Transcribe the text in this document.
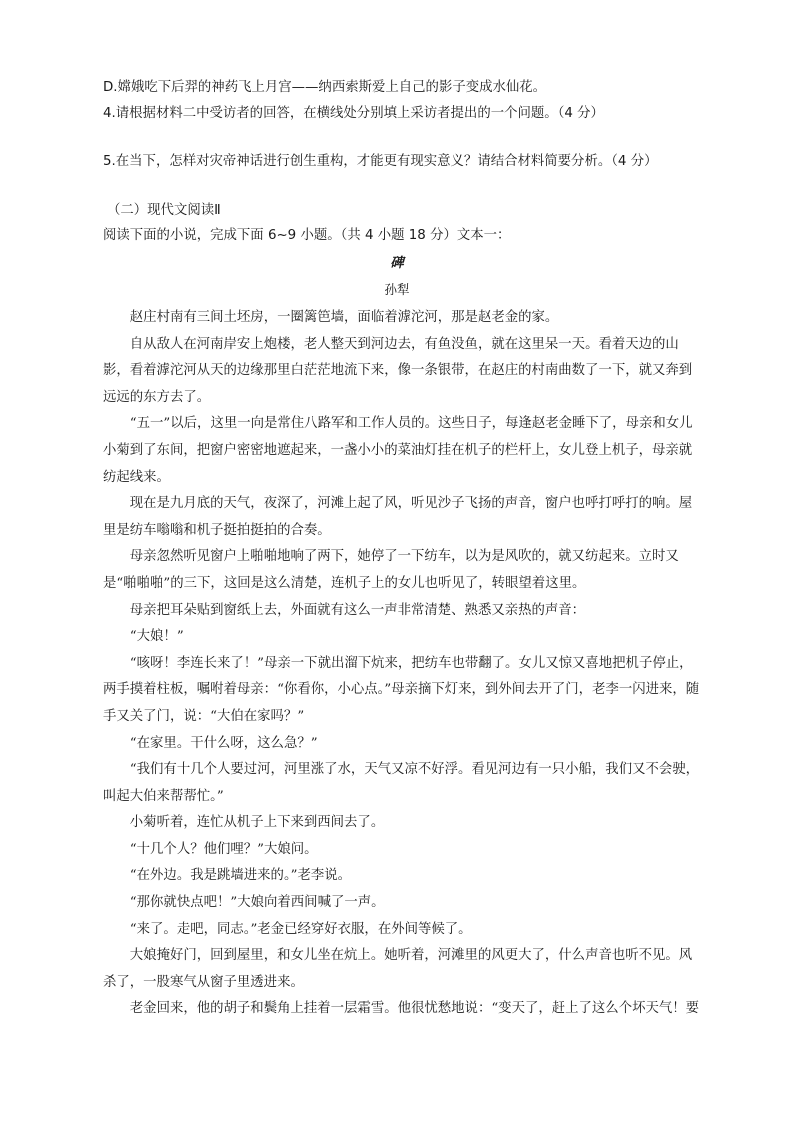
D.嫦娥吃下后羿的神药飞上月宫——纳西索斯爱上自己的影子变成水仙花。

4.请根据材料二中受访者的回答，在横线处分别填上采访者提出的一个问题。（4 分）

5.在当下，怎样对灾帝神话进行创生重构，才能更有现实意义？请结合材料简要分析。（4 分）

（二）现代文阅读Ⅱ

阅读下面的小说，完成下面 6~9 小题。（共 4 小题 18 分）文本一：

碑

孙犁

赵庄村南有三间土坯房，一圈篱笆墙，面临着滹沱河，那是赵老金的家。

自从敌人在河南岸安上炮楼，老人整天到河边去，有鱼没鱼，就在这里呆一天。看着天边的山影，看着滹沱河从天的边缘那里白茫茫地流下来，像一条银带，在赵庄的村南曲数了一下，就又奔到远远的东方去了。

“五一”以后，这里一向是常住八路军和工作人员的。这些日子，每逢赵老金睡下了，母亲和女儿小菊到了东间，把窗户密密地遮起来，一盏小小的菜油灯挂在机子的栏杆上，女儿登上机子，母亲就纺起线来。

现在是九月底的天气，夜深了，河滩上起了风，听见沙子飞扬的声音，窗户也呼打呼打的响。屋里是纺车嗡嗡和机子挺拍挺拍的合奏。

母亲忽然听见窗户上啪啪地响了两下，她停了一下纺车，以为是风吹的，就又纺起来。立时又是“啪啪啪”的三下，这回是这么清楚，连机子上的女儿也听见了，转眼望着这里。

母亲把耳朵贴到窗纸上去，外面就有这么一声非常清楚、熟悉又亲热的声音：

“大娘！”

“咳呀！李连长来了！”母亲一下就出溜下炕来，把纺车也带翻了。女儿又惊又喜地把机子停止，两手摸着柱板，嘱咐着母亲：“你看你，小心点。”母亲摘下灯来，到外间去开了门，老李一闪进来，随手又关了门，说：“大伯在家吗？”

“在家里。干什么呀，这么急？”

“我们有十几个人要过河，河里涨了水，天气又凉不好浮。看见河边有一只小船，我们又不会驶，叫起大伯来帮帮忙。”

小菊听着，连忙从机子上下来到西间去了。

“十几个人？他们哩？”大娘问。

“在外边。我是跳墙进来的。”老李说。

“那你就快点吧！”大娘向着西间喊了一声。

“来了。走吧，同志。”老金已经穿好衣服，在外间等候了。

大娘掩好门，回到屋里，和女儿坐在炕上。她听着，河滩里的风更大了，什么声音也听不见。风杀了，一股寒气从窗子里透进来。

老金回来，他的胡子和鬓角上挂着一层霜雪。他很忧愁地说：“变天了，赶上了这么个坏天气！要
